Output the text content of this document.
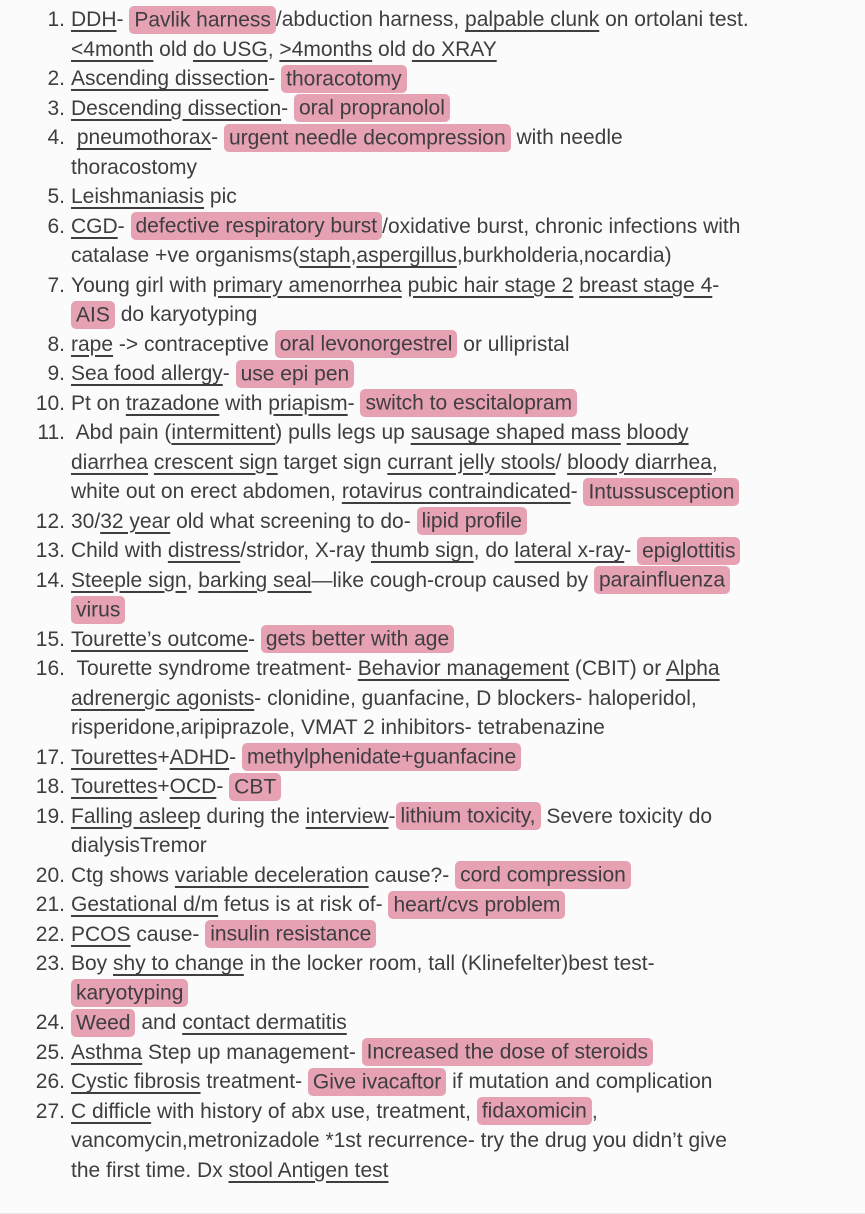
1. DDH- Pavlik harness /abduction harness, palpable clunk on ortolani test.
<4month old do USG, >4months old do XRAY
2. Ascending dissection- thoracotomy
3. Descending dissection- oral propranolol
4. pneumothorax- urgent needle decompression with needle
thoracostomy
5. Leishmaniasis pic
6. CGD- defective respiratory burst /oxidative burst, chronic infections with
catalase +ve organisms(staph,aspergillus,burkholderia,nocardia)
7. Young girl with primary amenorrhea pubic hair stage 2 breast stage 4-
AIS do karyotyping
8. rape -> contraceptive oral levonorgestrel or ullipristal
9. Sea food allergy- use epi pen
10. Pt on trazadone with priapism- switch to escitalopram
11. Abd pain (intermittent) pulls legs up sausage shaped mass bloody
diarrhea crescent sign target sign currant jelly stools/ bloody diarrhea,
white out on erect abdomen, rotavirus contraindicated- Intussusception
12. 30/32 year old what screening to do- lipid profile
13. Child with distress/stridor, X-ray thumb sign, do lateral x-ray- epiglottitis
14. Steeple sign, barking seal—like cough-croup caused by parainfluenza
virus
15. Tourette’s outcome- gets better with age
16. Tourette syndrome treatment- Behavior management (CBIT) or Alpha
adrenergic agonists- clonidine, guanfacine, D blockers- haloperidol,
risperidone,aripiprazole, VMAT 2 inhibitors- tetrabenazine
17. Tourettes+ADHD- methylphenidate+guanfacine
18. Tourettes+OCD- CBT
19. Falling asleep during the interview- lithium toxicity, Severe toxicity do
dialysisTremor
20. Ctg shows variable deceleration cause?- cord compression
21. Gestational d/m fetus is at risk of- heart/cvs problem
22. PCOS cause- insulin resistance
23. Boy shy to change in the locker room, tall (Klinefelter)best test-
karyotyping
24. Weed and contact dermatitis
25. Asthma Step up management- Increased the dose of steroids
26. Cystic fibrosis treatment- Give ivacaftor if mutation and complication
27. C difficle with history of abx use, treatment, fidaxomicin ,
vancomycin,metronizadole *1st recurrence- try the drug you didn’t give
the first time. Dx stool Antigen test
